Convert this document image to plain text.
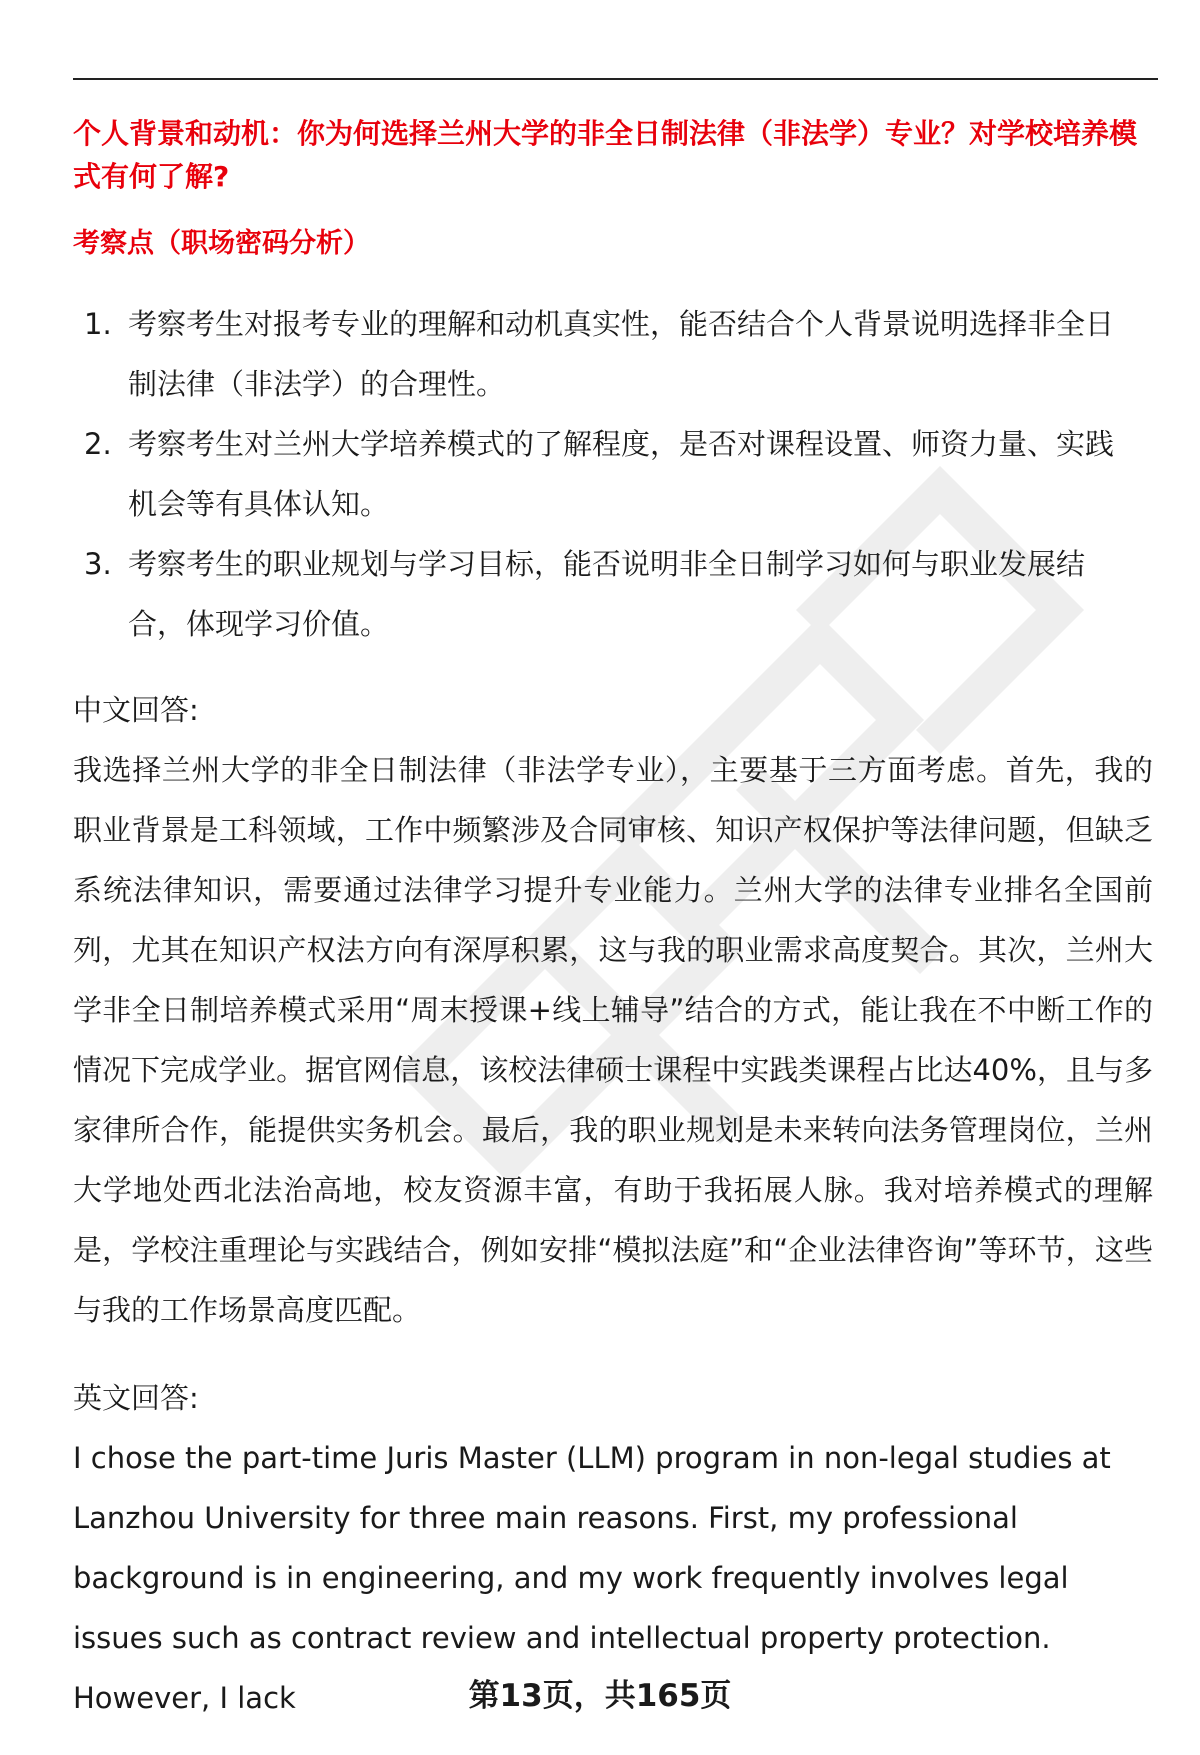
个人背景和动机：你为何选择兰州大学的非全日制法律（非法学）专业？对学校培养模式有何了解?
考察点（职场密码分析）
1. 考察考生对报考专业的理解和动机真实性，能否结合个人背景说明选择非全日制法律（非法学）的合理性。
2. 考察考生对兰州大学培养模式的了解程度，是否对课程设置、师资力量、实践机会等有具体认知。
3. 考察考生的职业规划与学习目标，能否说明非全日制学习如何与职业发展结合，体现学习价值。
中文回答:
我选择兰州大学的非全日制法律（非法学专业），主要基于三方面考虑。首先，我的职业背景是工科领域，工作中频繁涉及合同审核、知识产权保护等法律问题，但缺乏系统法律知识，需要通过法律学习提升专业能力。兰州大学的法律专业排名全国前列，尤其在知识产权法方向有深厚积累，这与我的职业需求高度契合。其次，兰州大学非全日制培养模式采用“周末授课+线上辅导”结合的方式，能让我在不中断工作的情况下完成学业。据官网信息，该校法律硕士课程中实践类课程占比达40%，且与多家律所合作，能提供实务机会。最后，我的职业规划是未来转向法务管理岗位，兰州大学地处西北法治高地，校友资源丰富，有助于我拓展人脉。我对培养模式的理解是，学校注重理论与实践结合，例如安排“模拟法庭”和“企业法律咨询”等环节，这些与我的工作场景高度匹配。
英文回答:
I chose the part-time Juris Master (LLM) program in non-legal studies at Lanzhou University for three main reasons. First, my professional background is in engineering, and my work frequently involves legal issues such as contract review and intellectual property protection. However, I lack	第13页，共165页
